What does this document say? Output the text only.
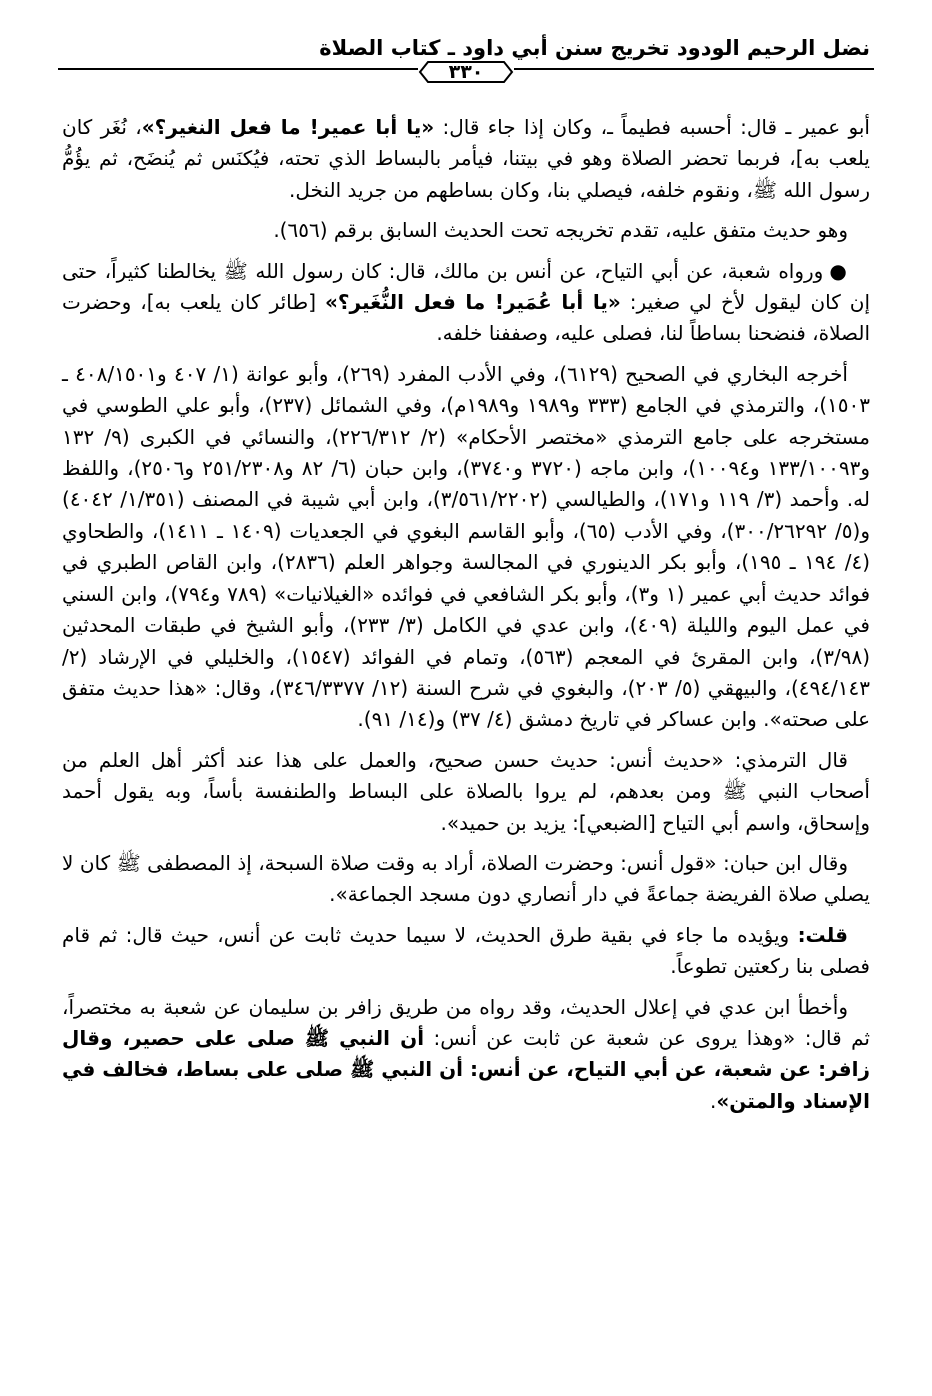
نضل الرحيم الودود تخريج سنن أبي داود ـ كتاب الصلاة
٣٣٠

أبو عمير ـ قال: أحسبه فطيماً ـ، وكان إذا جاء قال: «يا أبا عمير! ما فعل النغير؟»، نُغَر كان يلعب به]، فربما تحضر الصلاة وهو في بيتنا، فيأمر بالبساط الذي تحته، فيُكنَس ثم يُنضَح، ثم يؤُمُّ رسول الله ﷺ، ونقوم خلفه، فيصلي بنا، وكان بساطهم من جريد النخل.

وهو حديث متفق عليه، تقدم تخريجه تحت الحديث السابق برقم (٦٥٦).

●ورواه شعبة، عن أبي التياح، عن أنس بن مالك، قال: كان رسول الله ﷺ يخالطنا كثيراً، حتى إن كان ليقول لأخ لي صغير: «يا أبا عُمَير! ما فعل النُّغَير؟» [طائر كان يلعب به]، وحضرت الصلاة، فنضحنا بساطاً لنا، فصلى عليه، وصففنا خلفه.

أخرجه البخاري في الصحيح (٦١٢٩)، وفي الأدب المفرد (٢٦٩)، وأبو عوانة (١/ ٤٠٧ و٤٠٨/١٥٠١ ـ ١٥٠٣)، والترمذي في الجامع (٣٣٣ و١٩٨٩ و١٩٨٩م)، وفي الشمائل (٢٣٧)، وأبو علي الطوسي في مستخرجه على جامع الترمذي «مختصر الأحكام» (٢/ ٢٢٦/٣١٢)، والنسائي في الكبرى (٩/ ١٣٢ و١٣٣/١٠٠٩٣ و١٠٠٩٤)، وابن ماجه (٣٧٢٠ و٣٧٤٠)، وابن حبان (٦/ ٨٢ و٢٥١/٢٣٠٨ و٢٥٠٦)، واللفظ له. وأحمد (٣/ ١١٩ و١٧١)، والطيالسي (٣/٥٦١/٢٢٠٢)، وابن أبي شيبة في المصنف (١/٣٥١/ ٤٠٤٢) و(٥/ ٣٠٠/٢٦٢٩٢)، وفي الأدب (٦٥)، وأبو القاسم البغوي في الجعديات (١٤٠٩ ـ ١٤١١)، والطحاوي (٤/ ١٩٤ ـ ١٩٥)، وأبو بكر الدينوري في المجالسة وجواهر العلم (٢٨٣٦)، وابن القاص الطبري في فوائد حديث أبي عمير (١ و٣)، وأبو بكر الشافعي في فوائده «الغيلانيات» (٧٨٩ و٧٩٤)، وابن السني في عمل اليوم والليلة (٤٠٩)، وابن عدي في الكامل (٣/ ٢٣٣)، وأبو الشيخ في طبقات المحدثين (٣/٩٨)، وابن المقرئ في المعجم (٥٦٣)، وتمام في الفوائد (١٥٤٧)، والخليلي في الإرشاد (٢/ ٤٩٤/١٤٣)، والبيهقي (٥/ ٢٠٣)، والبغوي في شرح السنة (١٢/ ٣٤٦/٣٣٧٧)، وقال: «هذا حديث متفق على صحته». وابن عساكر في تاريخ دمشق (٤/ ٣٧) و(١٤/ ٩١).

قال الترمذي: «حديث أنس: حديث حسن صحيح، والعمل على هذا عند أكثر أهل العلم من أصحاب النبي ﷺ ومن بعدهم، لم يروا بالصلاة على البساط والطنفسة بأساً، وبه يقول أحمد وإسحاق، واسم أبي التياح [الضبعي]: يزيد بن حميد».

وقال ابن حبان: «قول أنس: وحضرت الصلاة، أراد به وقت صلاة السبحة، إذ المصطفى ﷺ كان لا يصلي صلاة الفريضة جماعةً في دار أنصاري دون مسجد الجماعة».

قلت: ويؤيده ما جاء في بقية طرق الحديث، لا سيما حديث ثابت عن أنس، حيث قال: ثم قام فصلى بنا ركعتين تطوعاً.

وأخطأ ابن عدي في إعلال الحديث، وقد رواه من طريق زافر بن سليمان عن شعبة به مختصراً، ثم قال: «وهذا يروى عن شعبة عن ثابت عن أنس: أن النبي ﷺ صلى على حصير، وقال زافر: عن شعبة، عن أبي التياح، عن أنس: أن النبي ﷺ صلى على بساط، فخالف في الإسناد والمتن».
